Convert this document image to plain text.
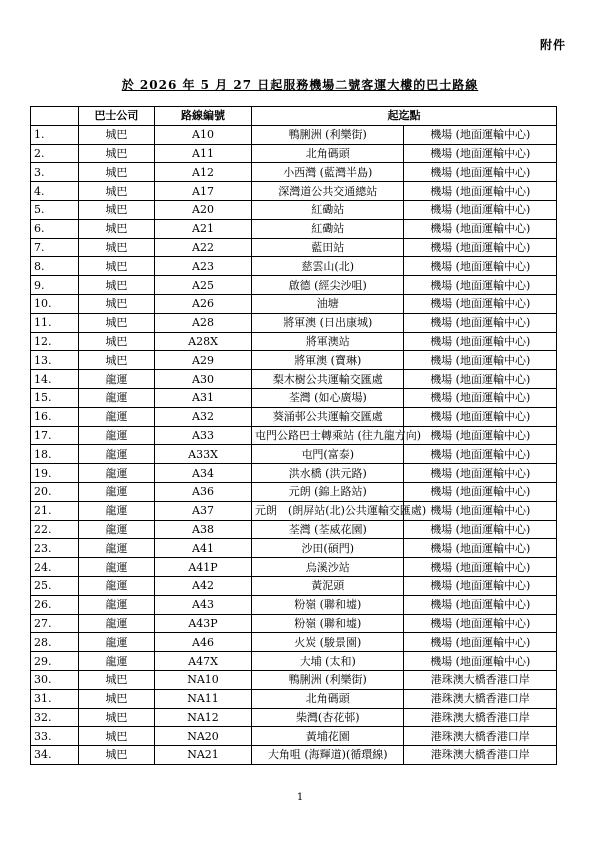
附件
於 2026 年 5 月 27 日起服務機場二號客運大樓的巴士路線
	巴士公司	路線編號	起迄點	
1.	城巴	A10	鴨脷洲 (利樂街)	機場 (地面運輸中心)
2.	城巴	A11	北角碼頭	機場 (地面運輸中心)
3.	城巴	A12	小西灣 (藍灣半島)	機場 (地面運輸中心)
4.	城巴	A17	深灣道公共交通總站	機場 (地面運輸中心)
5.	城巴	A20	紅磡站	機場 (地面運輸中心)
6.	城巴	A21	紅磡站	機場 (地面運輸中心)
7.	城巴	A22	藍田站	機場 (地面運輸中心)
8.	城巴	A23	慈雲山(北)	機場 (地面運輸中心)
9.	城巴	A25	啟德 (經尖沙咀)	機場 (地面運輸中心)
10.	城巴	A26	油塘	機場 (地面運輸中心)
11.	城巴	A28	將軍澳 (日出康城)	機場 (地面運輸中心)
12.	城巴	A28X	將軍澳站	機場 (地面運輸中心)
13.	城巴	A29	將軍澳 (寶琳)	機場 (地面運輸中心)
14.	龍運	A30	梨木樹公共運輸交匯處	機場 (地面運輸中心)
15.	龍運	A31	荃灣 (如心廣場)	機場 (地面運輸中心)
16.	龍運	A32	葵涌邨公共運輸交匯處	機場 (地面運輸中心)
17.	龍運	A33	屯門公路巴士轉乘站 (往九龍方向)	機場 (地面運輸中心)
18.	龍運	A33X	屯門(富泰)	機場 (地面運輸中心)
19.	龍運	A34	洪水橋 (洪元路)	機場 (地面運輸中心)
20.	龍運	A36	元朗 (錦上路站)	機場 (地面運輸中心)
21.	龍運	A37	元朗　(朗屏站(北)公共運輸交匯處)	機場 (地面運輸中心)
22.	龍運	A38	荃灣 (荃威花園)	機場 (地面運輸中心)
23.	龍運	A41	沙田(碩門)	機場 (地面運輸中心)
24.	龍運	A41P	烏溪沙站	機場 (地面運輸中心)
25.	龍運	A42	黃泥頭	機場 (地面運輸中心)
26.	龍運	A43	粉嶺 (聯和墟)	機場 (地面運輸中心)
27.	龍運	A43P	粉嶺 (聯和墟)	機場 (地面運輸中心)
28.	龍運	A46	火炭 (駿景園)	機場 (地面運輸中心)
29.	龍運	A47X	大埔 (太和)	機場 (地面運輸中心)
30.	城巴	NA10	鴨脷洲 (利樂街)	港珠澳大橋香港口岸
31.	城巴	NA11	北角碼頭	港珠澳大橋香港口岸
32.	城巴	NA12	柴灣(杏花邨)	港珠澳大橋香港口岸
33.	城巴	NA20	黃埔花園	港珠澳大橋香港口岸
34.	城巴	NA21	大角咀 (海輝道)(循環線)	港珠澳大橋香港口岸
1
